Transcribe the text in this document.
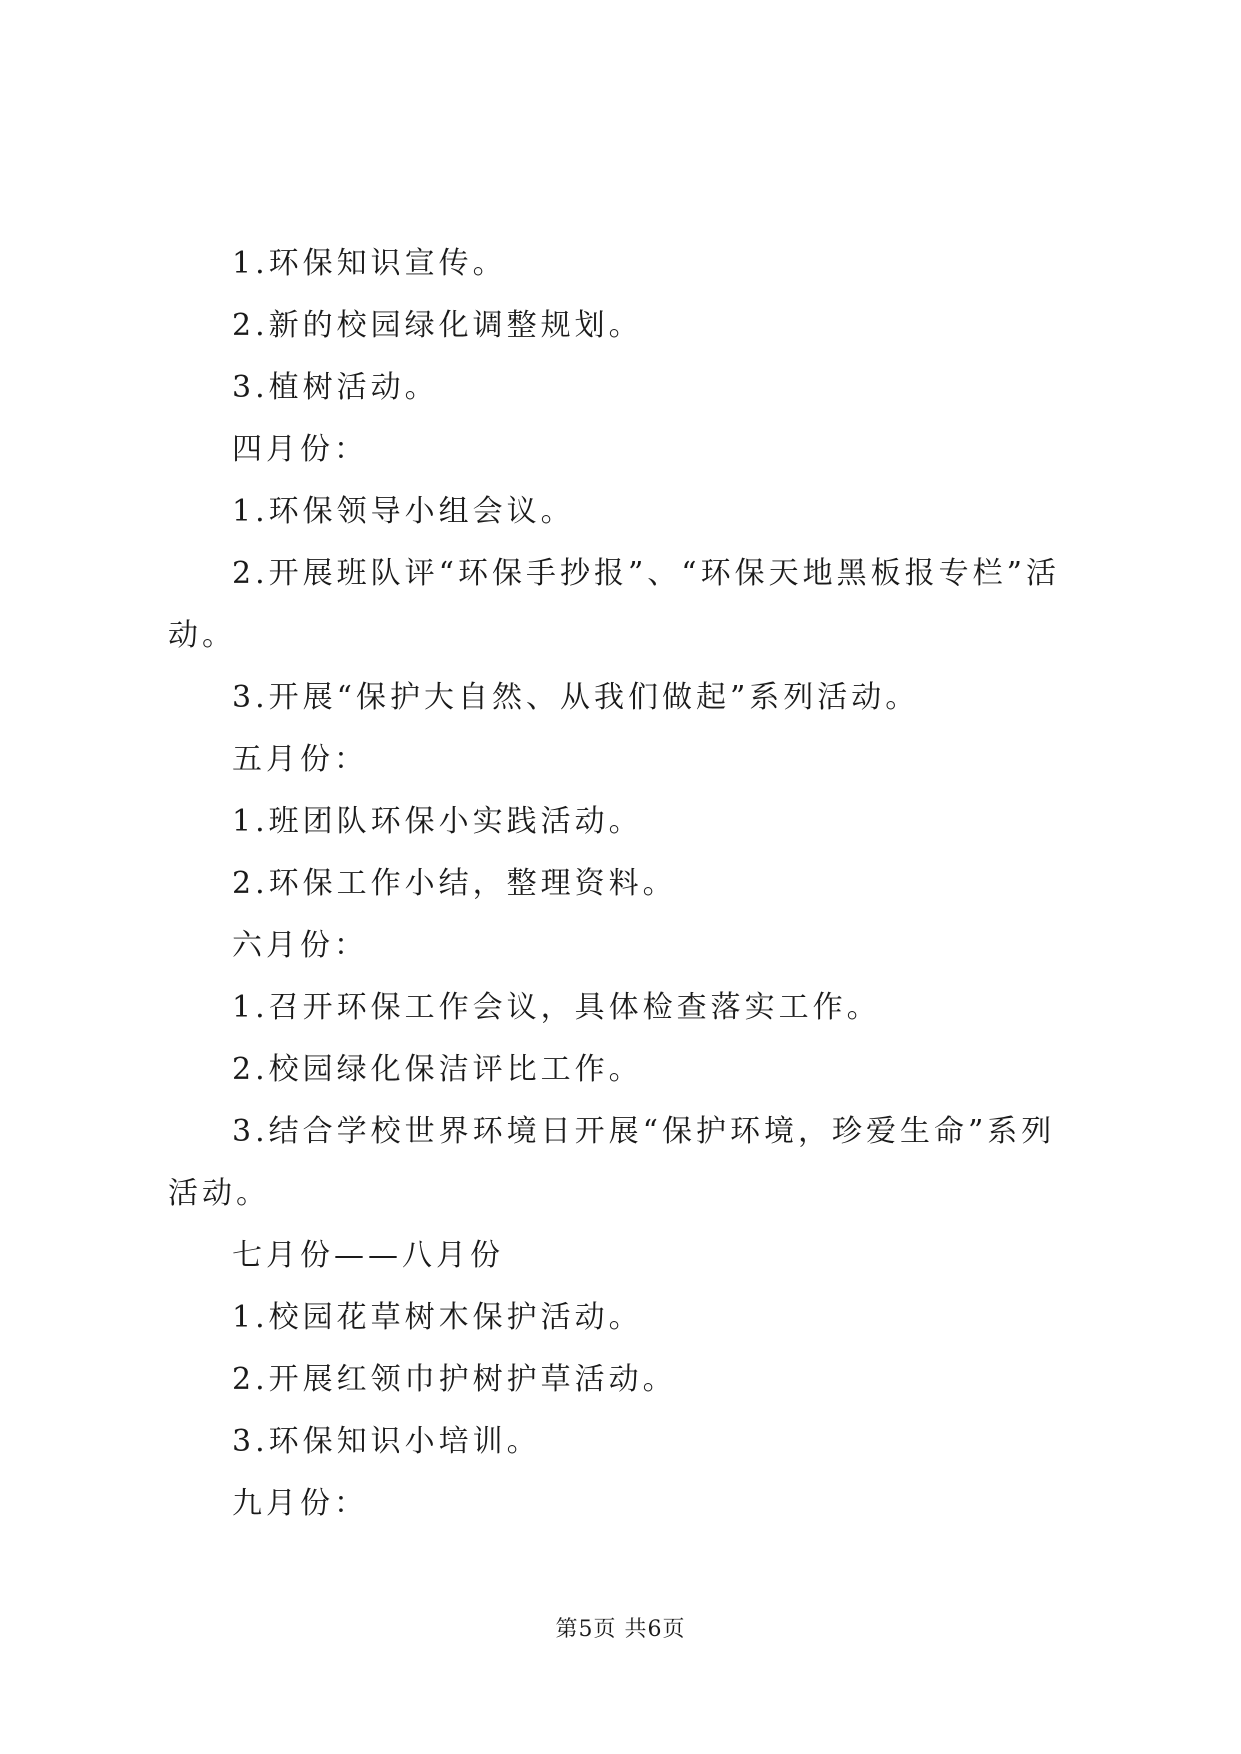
1.环保知识宣传。

2.新的校园绿化调整规划。

3.植树活动。

四月份：

1.环保领导小组会议。

2.开展班队评“环保手抄报”、“环保天地黑板报专栏”活动。

3.开展“保护大自然、从我们做起”系列活动。

五月份：

1.班团队环保小实践活动。

2.环保工作小结，整理资料。

六月份：

1.召开环保工作会议，具体检查落实工作。

2.校园绿化保洁评比工作。

3.结合学校世界环境日开展“保护环境，珍爱生命”系列活动。

七月份——八月份

1.校园花草树木保护活动。

2.开展红领巾护树护草活动。

3.环保知识小培训。

九月份：

第5页 共6页
